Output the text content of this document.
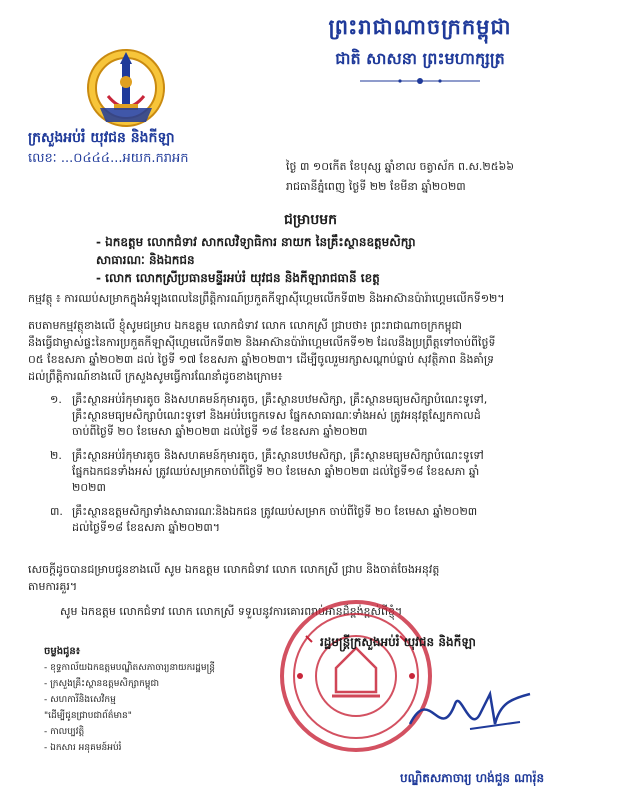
ព្រះរាជាណាចក្រកម្ពុជា
ជាតិ សាសនា ព្រះមហាក្សត្រ
ក្រសួងអប់រំ យុវជន និងកីឡា
លេខៈ ...០៤៤៤...អយក.ករាអក
ថ្ងៃ ៣ ១០កើត ខែបុស្ស ឆ្នាំខាល ចត្វាស័ក ព.ស.២៥៦៦
រាជធានីភ្នំពេញ ថ្ងៃទី ២២ ខែមីនា ឆ្នាំ២០២៣
ជម្រាបមក
- ឯកឧត្តម លោកជំទាវ សាកលវិទ្យាធិការ នាយក នៃគ្រឹះស្ថានឧត្តមសិក្សា
សាធារណៈ និងឯកជន
- លោក លោកស្រីប្រធានមន្ទីរអប់រំ យុវជន និងកីឡារាជធានី ខេត្ត
កម្មវត្ថុ ៖ ការឈប់សម្រាកក្នុងអំឡុងពេលនៃព្រឹត្តិការណ៍ប្រកួតកីឡាស៊ីហ្គេមលើកទី៣២ និងអាស៊ានប៉ារ៉ាហ្គេមលើកទី១២។
តបតាមកម្មវត្ថុខាងលើ ខ្ញុំសូមជម្រាប ឯកឧត្តម លោកជំទាវ លោក លោកស្រី ជ្រាបថា៖ ព្រះរាជាណាចក្រកម្ពុជា
នឹងធ្វើជាម្ចាស់ផ្ទះនៃការប្រកួតកីឡាស៊ីហ្គេមលើកទី៣២ និងអាស៊ានប៉ារ៉ាហ្គេមលើកទី១២ ដែលនឹងប្រព្រឹត្តទៅចាប់ពីថ្ងៃទី
០៥ ខែឧសភា ឆ្នាំ២០២៣ ដល់ ថ្ងៃទី ១៧ ខែឧសភា ឆ្នាំ២០២៣។ ដើម្បីចូលរួមរក្សាសណ្តាប់ធ្នាប់ សុវត្ថិភាព និងគាំទ្រ
ដល់ព្រឹត្តិការណ៍ខាងលើ ក្រសួងសូមធ្វើការណែនាំដូចខាងក្រោម៖
១. គ្រឹះស្ថានអប់រំកុមារតូច និងសហគមន៍កុមារតូច, គ្រឹះស្ថានបឋមសិក្សា, គ្រឹះស្ថានមធ្យមសិក្សាបំណេះទូទៅ,
គ្រឹះស្ថានមធ្យមសិក្សាបំណេះទូទៅ និងអប់រំបច្ចេកទេស ផ្នែកសាធារណៈទាំងអស់ ត្រូវអនុវត្តស្បែកកាលដំ
ចាប់ពីថ្ងៃទី ២០ ខែមេសា ឆ្នាំ២០២៣ ដល់ថ្ងៃទី ១៨ ខែឧសភា ឆ្នាំ២០២៣
២. គ្រឹះស្ថានអប់រំកុមារតូច និងសហគមន៍កុមារតូច, គ្រឹះស្ថានបឋមសិក្សា, គ្រឹះស្ថានមធ្យមសិក្សាបំណេះទូទៅ
ផ្នែកឯកជនទាំងអស់ ត្រូវឈប់សម្រាកចាប់ពីថ្ងៃទី ២០ ខែមេសា ឆ្នាំ២០២៣ ដល់ថ្ងៃទី១៨ ខែឧសភា ឆ្នាំ
២០២៣
៣. គ្រឹះស្ថានឧត្តមសិក្សាទាំងសាធារណៈនិងឯកជន ត្រូវឈប់សម្រាក ចាប់ពីថ្ងៃទី ២០ ខែមេសា ឆ្នាំ២០២៣
ដល់ថ្ងៃទី១៨ ខែឧសភា ឆ្នាំ២០២៣។
សេចក្តីដូចបានជម្រាបជូនខាងលើ សូម ឯកឧត្តម លោកជំទាវ លោក លោកស្រី ជ្រាប និងចាត់ចែងអនុវត្ត
តាមការគួរ។
សូម ឯកឧត្តម លោកជំទាវ លោក លោកស្រី ទទួលនូវការគោរពរាប់អានដ៏ខ្ពង់ខ្ពស់ពីខ្ញុំ។
រដ្ឋមន្ត្រីក្រសួងអប់រំ យុវជន និងកីឡា
បណ្ឌិតសភាចារ្យ ហង់ជួន ណារ៉ុន
ចម្លងជូន៖
- ខុទ្ទកាល័យឯកឧត្តមបណ្ឌិតសភាចារ្យនាយករដ្ឋមន្ត្រី
- ក្រសួងគ្រឹះស្ថានឧត្តមសិក្សាកម្ពុជា
- សហការីនិងសេវិកម្ម
"ដើម្បីជូនជ្រាបជាព័ត៌មាន"
- កាលប្បវត្តិ
- ឯកសារ អនុគមន៍អប់រំ
